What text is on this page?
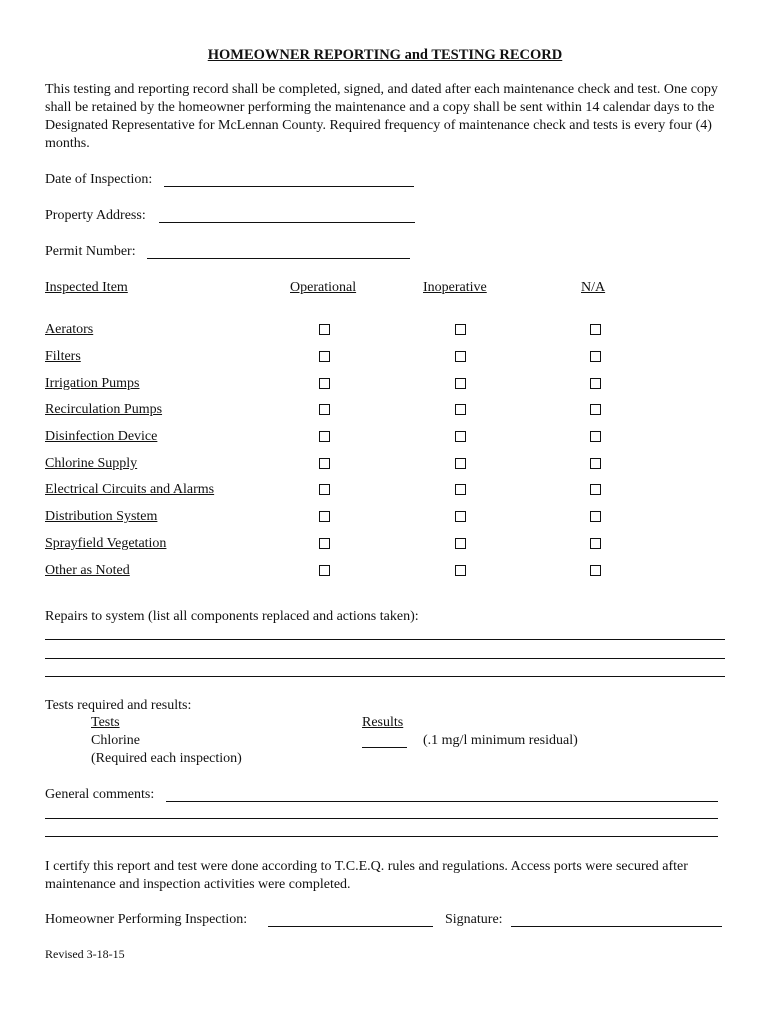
HOMEOWNER REPORTING and TESTING RECORD
This testing and reporting record shall be completed, signed, and dated after each maintenance check and test. One copy shall be retained by the homeowner performing the maintenance and a copy shall be sent within 14 calendar days to the Designated Representative for McLennan County. Required frequency of maintenance check and tests is every four (4) months.
Date of Inspection:
Property Address:
Permit Number:
Inspected Item	Operational	Inoperative	N/A
Aerators
Filters
Irrigation Pumps
Recirculation Pumps
Disinfection Device
Chlorine Supply
Electrical Circuits and Alarms
Distribution System
Sprayfield Vegetation
Other as Noted
Repairs to system (list all components replaced and actions taken):
Tests required and results:
Tests	Results
Chlorine	(.1 mg/l minimum residual)
(Required each inspection)
General comments:
I certify this report and test were done according to T.C.E.Q. rules and regulations. Access ports were secured after maintenance and inspection activities were completed.
Homeowner Performing Inspection:	Signature:
Revised 3-18-15
